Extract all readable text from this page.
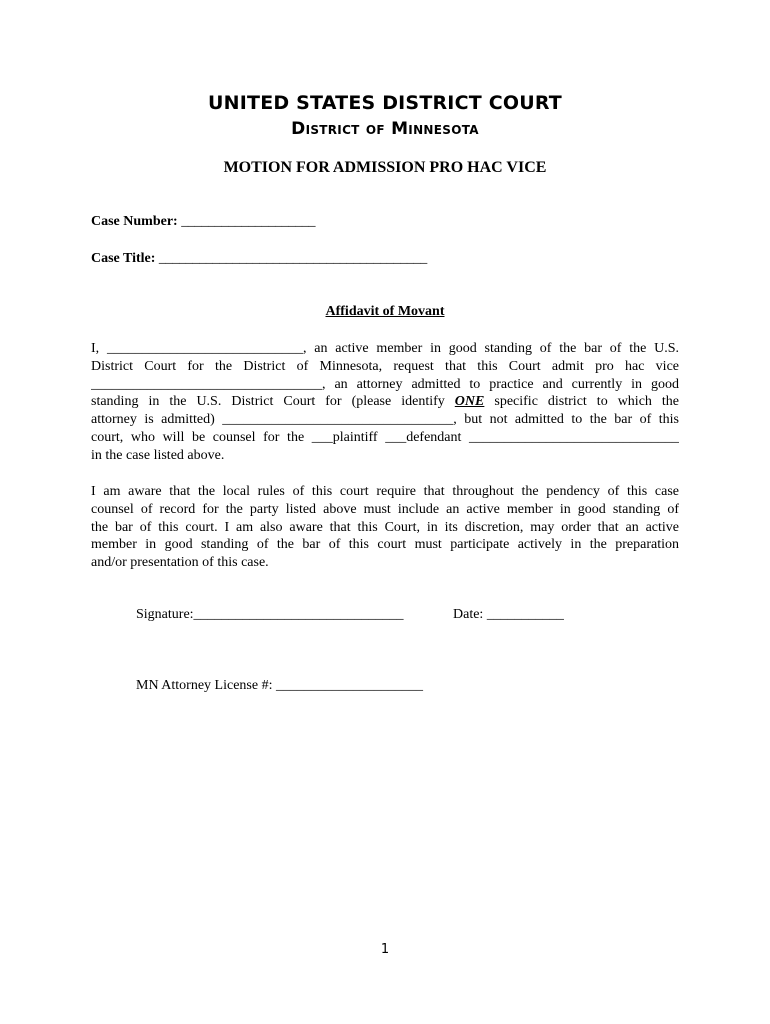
UNITED STATES DISTRICT COURT
District of Minnesota
MOTION FOR ADMISSION PRO HAC VICE
Case Number: ____________________
Case Title: ________________________________________
Affidavit of Movant
I, ____________________________, an active member in good standing of the bar of the U.S.
District Court for the District of Minnesota, request that this Court admit pro hac vice
_________________________________, an attorney admitted to practice and currently in good
standing in the U.S. District Court for (please identify ONE specific district to which the
attorney is admitted) _________________________________, but not admitted to the bar of this
court, who will be counsel for the ___plaintiff ___defendant ______________________________
in the case listed above.
I am aware that the local rules of this court require that throughout the pendency of this case
counsel of record for the party listed above must include an active member in good standing of
the bar of this court. I am also aware that this Court, in its discretion, may order that an active
member in good standing of the bar of this court must participate actively in the preparation
and/or presentation of this case.
Signature:______________________________	Date: ___________
MN Attorney License #: _____________________
1
